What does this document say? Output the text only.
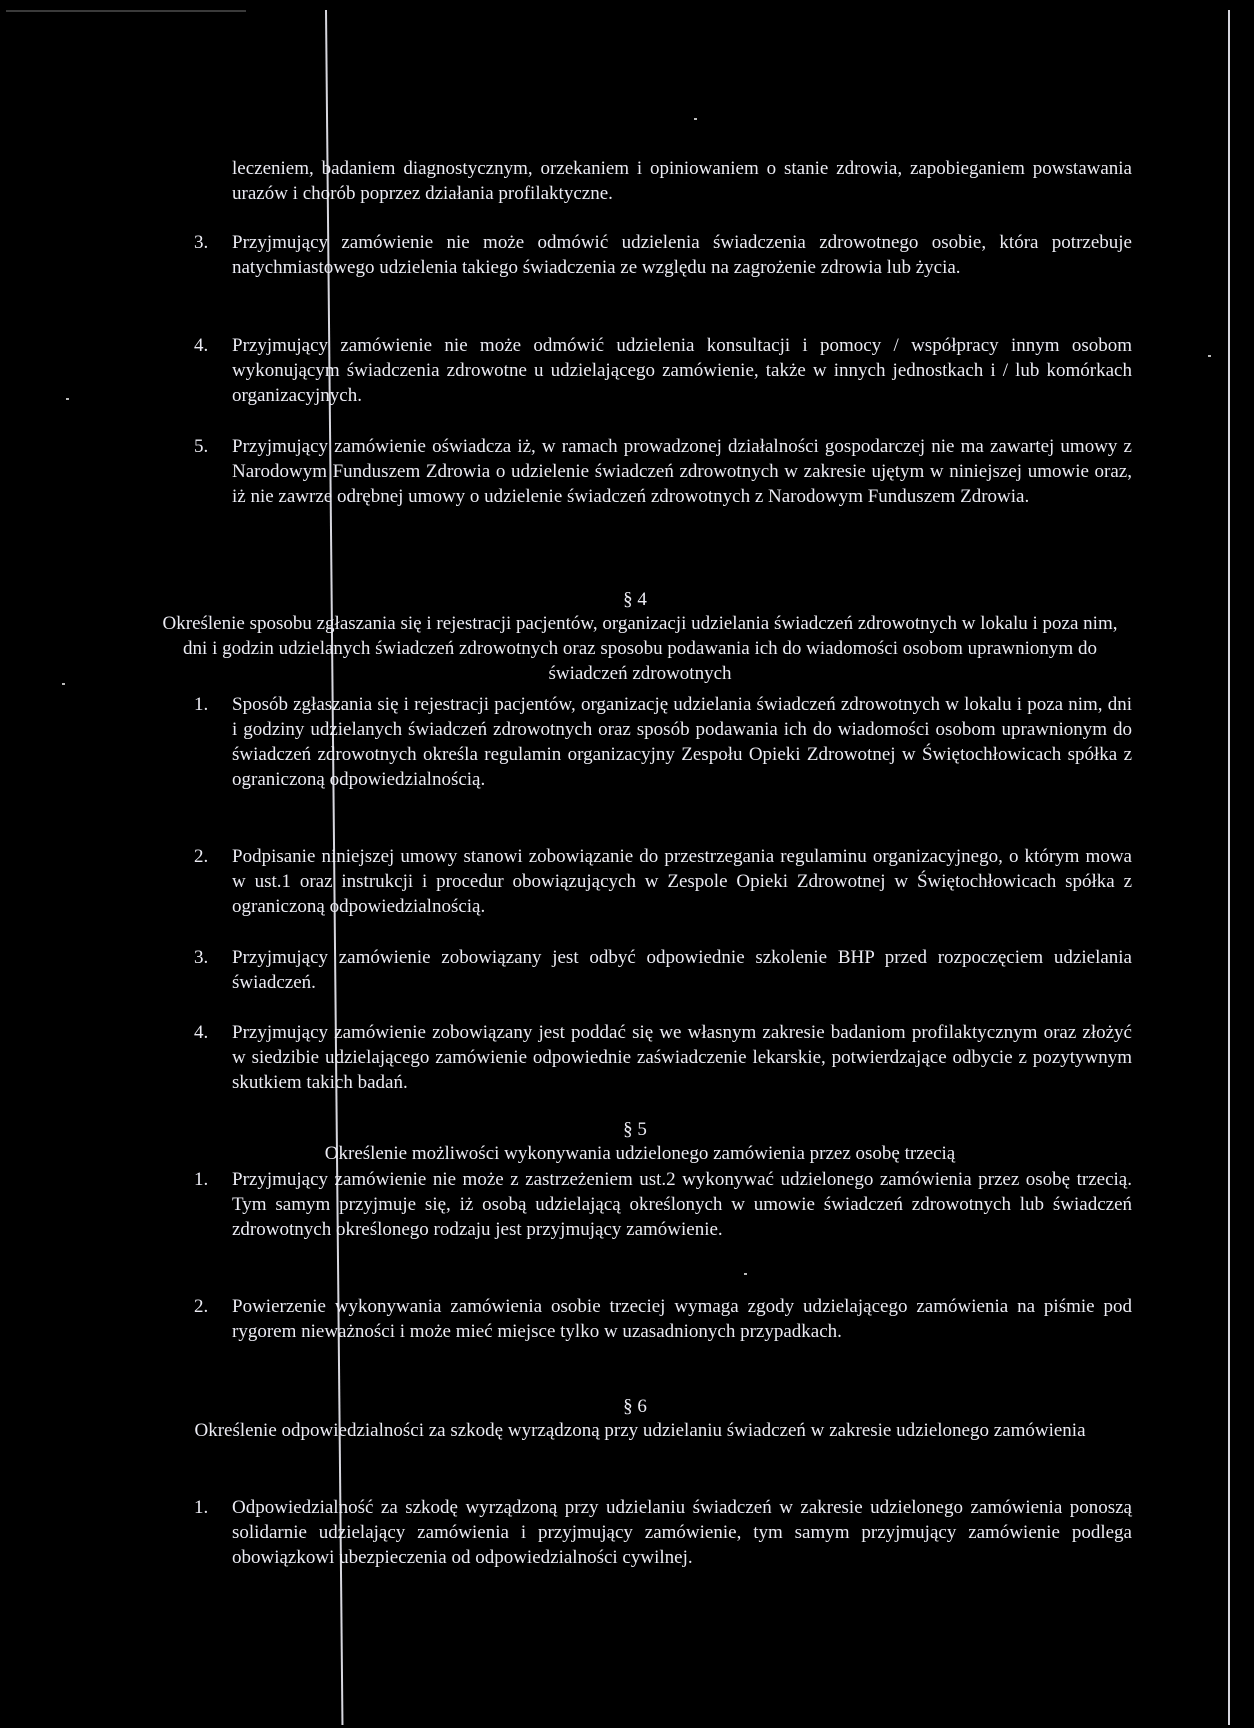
leczeniem, badaniem diagnostycznym, orzekaniem i opiniowaniem o stanie zdrowia, zapobieganiem powstawania urazów i chorób poprzez działania profilaktyczne.
3.	Przyjmujący zamówienie nie może odmówić udzielenia świadczenia zdrowotnego osobie, która potrzebuje natychmiastowego udzielenia takiego świadczenia ze względu na zagrożenie zdrowia lub życia.
4.	Przyjmujący zamówienie nie może odmówić udzielenia konsultacji i pomocy / współpracy innym osobom wykonującym świadczenia zdrowotne u udzielającego zamówienie, także w innych jednostkach i / lub komórkach organizacyjnych.
5.	Przyjmujący zamówienie oświadcza iż, w ramach prowadzonej działalności gospodarczej nie ma zawartej umowy z Narodowym Funduszem Zdrowia o udzielenie świadczeń zdrowotnych w zakresie ujętym w niniejszej umowie oraz, iż nie zawrze odrębnej umowy o udzielenie świadczeń zdrowotnych z Narodowym Funduszem Zdrowia.
§ 4
Określenie sposobu zgłaszania się i rejestracji pacjentów, organizacji udzielania świadczeń zdrowotnych w lokalu i poza nim, dni i godzin udzielanych świadczeń zdrowotnych oraz sposobu podawania ich do wiadomości osobom uprawnionym do świadczeń zdrowotnych
1.	Sposób zgłaszania się i rejestracji pacjentów, organizację udzielania świadczeń zdrowotnych w lokalu i poza nim, dni i godziny udzielanych świadczeń zdrowotnych oraz sposób podawania ich do wiadomości osobom uprawnionym do świadczeń zdrowotnych określa regulamin organizacyjny Zespołu Opieki Zdrowotnej w Świętochłowicach spółka z ograniczoną odpowiedzialnością.
2.	Podpisanie niniejszej umowy stanowi zobowiązanie do przestrzegania regulaminu organizacyjnego, o którym mowa w ust.1 oraz instrukcji i procedur obowiązujących w Zespole Opieki Zdrowotnej w Świętochłowicach spółka z ograniczoną odpowiedzialnością.
3.	Przyjmujący zamówienie zobowiązany jest odbyć odpowiednie szkolenie BHP przed rozpoczęciem udzielania świadczeń.
4.	Przyjmujący zamówienie zobowiązany jest poddać się we własnym zakresie badaniom profilaktycznym oraz złożyć w siedzibie udzielającego zamówienie odpowiednie zaświadczenie lekarskie, potwierdzające odbycie z pozytywnym skutkiem takich badań.
§ 5
Określenie możliwości wykonywania udzielonego zamówienia przez osobę trzecią
1.	Przyjmujący zamówienie nie może z zastrzeżeniem ust.2 wykonywać udzielonego zamówienia przez osobę trzecią. Tym samym przyjmuje się, iż osobą udzielającą określonych w umowie świadczeń zdrowotnych lub świadczeń zdrowotnych określonego rodzaju jest przyjmujący zamówienie.
2.	Powierzenie wykonywania zamówienia osobie trzeciej wymaga zgody udzielającego zamówienia na piśmie pod rygorem nieważności i może mieć miejsce tylko w uzasadnionych przypadkach.
§ 6
Określenie odpowiedzialności za szkodę wyrządzoną przy udzielaniu świadczeń w zakresie udzielonego zamówienia
1.	Odpowiedzialność za szkodę wyrządzoną przy udzielaniu świadczeń w zakresie udzielonego zamówienia ponoszą solidarnie udzielający zamówienia i przyjmujący zamówienie, tym samym przyjmujący zamówienie podlega obowiązkowi ubezpieczenia od odpowiedzialności cywilnej.
